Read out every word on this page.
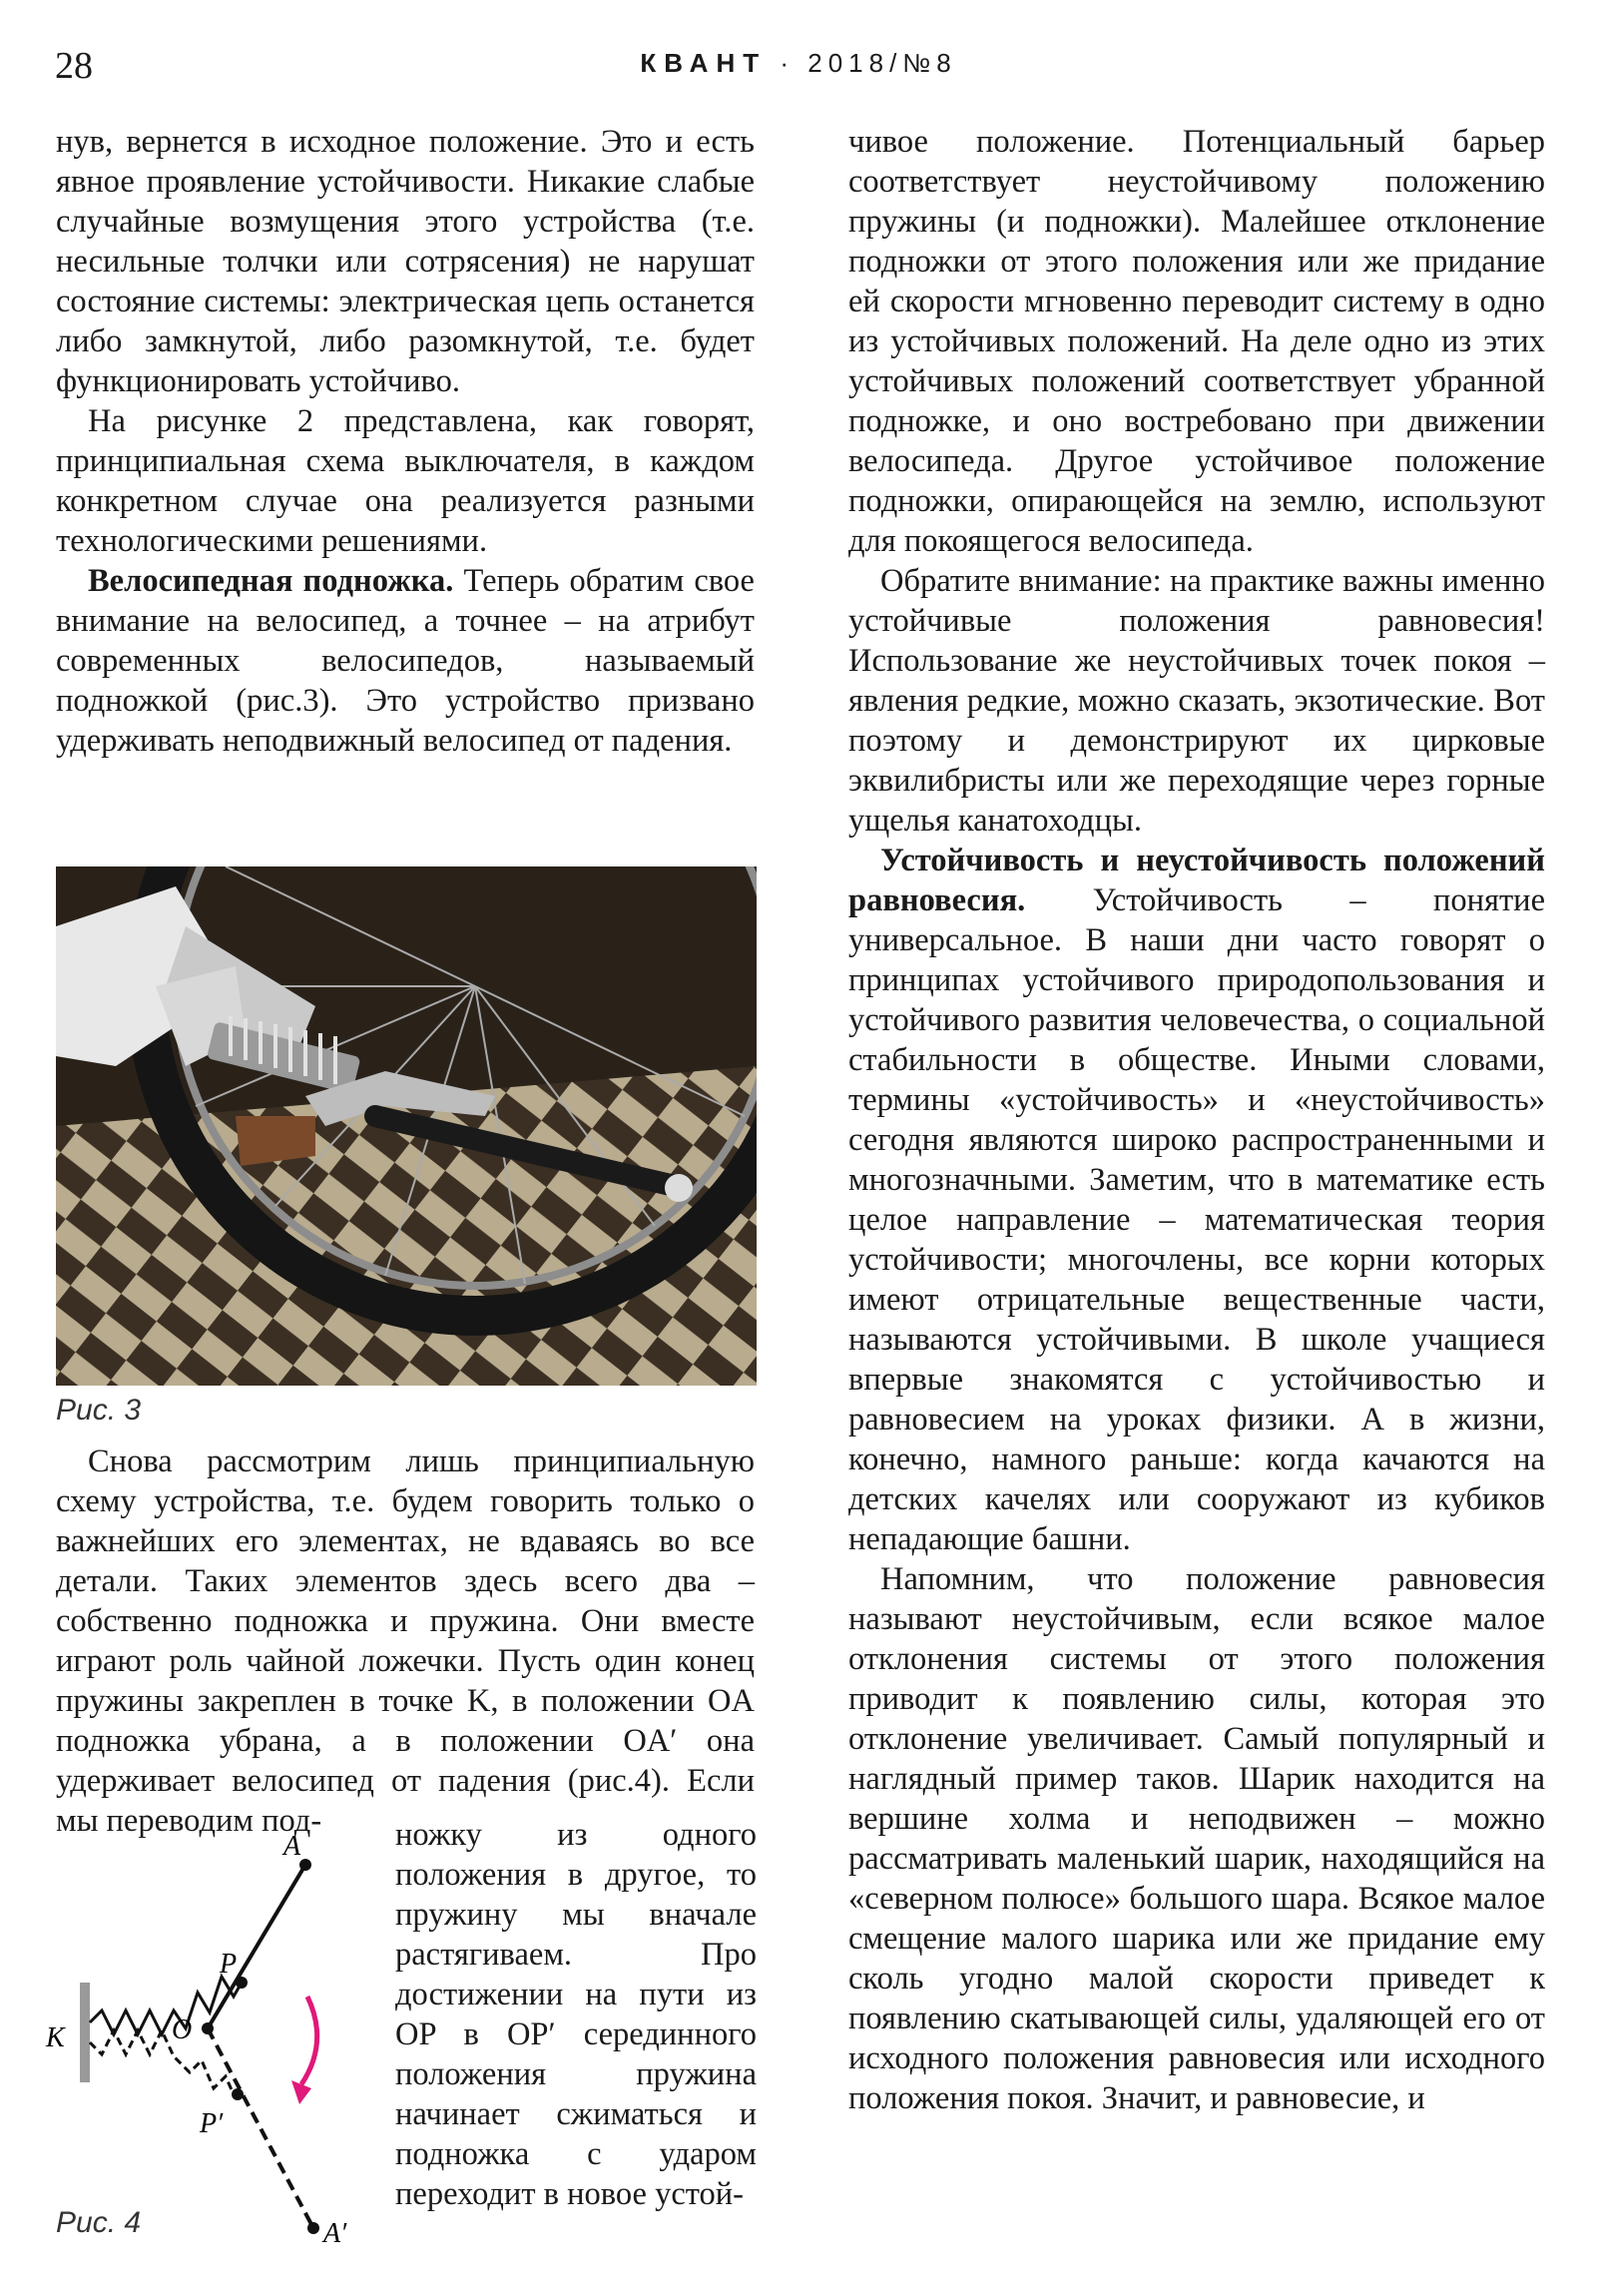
28	КВАНТ · 2018/№8

нув, вернется в исходное положение. Это и есть явное проявление устойчивости. Никакие слабые случайные возмущения этого устройства (т.е. несильные толчки или сотрясения) не нарушат состояние системы: электрическая цепь останется либо замкнутой, либо разомкнутой, т.е. будет функционировать устойчиво.

На рисунке 2 представлена, как говорят, принципиальная схема выключателя, в каждом конкретном случае она реализуется разными технологическими решениями.

Велосипедная подножка. Теперь обратим свое внимание на велосипед, а точнее – на атрибут современных велосипедов, называемый подножкой (рис.3). Это устройство призвано удерживать неподвижный велосипед от падения.

Рис. 3

Снова рассмотрим лишь принципиальную схему устройства, т.е. будем говорить только о важнейших его элементах, не вдаваясь во все детали. Таких элементов здесь всего два – собственно подножка и пружина. Они вместе играют роль чайной ложечки. Пусть один конец пружины закреплен в точке K, в положении OA подножка убрана, а в положении OA′ она удерживает велосипед от падения (рис.4). Если мы переводим под-

A
P
O
K
P′
A′
Рис. 4
ножку из одного положения в другое, то пружину мы вначале растягиваем. Про достижении на пути из OP в OP′ серединного положения пружина начинает сжиматься и подножка с ударом переходит в новое устой-

чивое положение. Потенциальный барьер соответствует неустойчивому положению пружины (и подножки). Малейшее отклонение подножки от этого положения или же придание ей скорости мгновенно переводит систему в одно из устойчивых положений. На деле одно из этих устойчивых положений соответствует убранной подножке, и оно востребовано при движении велосипеда. Другое устойчивое положение подножки, опирающейся на землю, используют для покоящегося велосипеда.

Обратите внимание: на практике важны именно устойчивые положения равновесия! Использование же неустойчивых точек покоя – явления редкие, можно сказать, экзотические. Вот поэтому и демонстрируют их цирковые эквилибристы или же переходящие через горные ущелья канатоходцы.

Устойчивость и неустойчивость положений равновесия. Устойчивость – понятие универсальное. В наши дни часто говорят о принципах устойчивого природопользования и устойчивого развития человечества, о социальной стабильности в обществе. Иными словами, термины «устойчивость» и «неустойчивость» сегодня являются широко распространенными и многозначными. Заметим, что в математике есть целое направление – математическая теория устойчивости; многочлены, все корни которых имеют отрицательные вещественные части, называются устойчивыми. В школе учащиеся впервые знакомятся с устойчивостью и равновесием на уроках физики. А в жизни, конечно, намного раньше: когда качаются на детских качелях или сооружают из кубиков непадающие башни.

Напомним, что положение равновесия называют неустойчивым, если всякое малое отклонения системы от этого положения приводит к появлению силы, которая это отклонение увеличивает. Самый популярный и наглядный пример таков. Шарик находится на вершине холма и неподвижен – можно рассматривать маленький шарик, находящийся на «северном полюсе» большого шара. Всякое малое смещение малого шарика или же придание ему сколь угодно малой скорости приведет к появлению скатывающей силы, удаляющей его от исходного положения равновесия или исходного положения покоя. Значит, и равновесие, и
